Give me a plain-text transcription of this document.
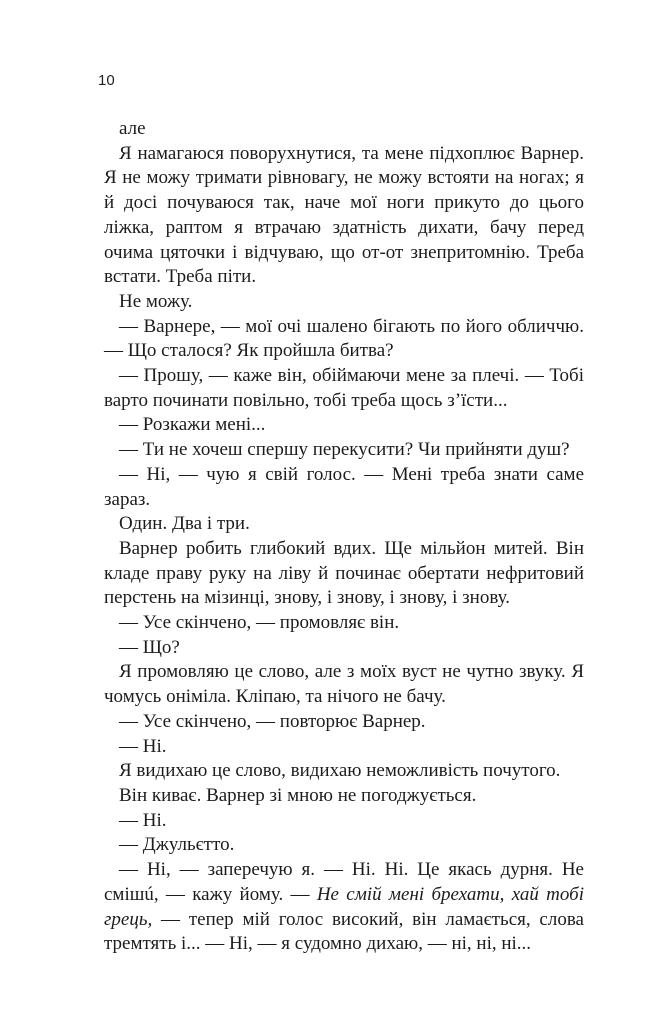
10

але

Я намагаюся поворухнутися, та мене підхоплює Варнер. Я не можу тримати рівновагу, не можу встояти на ногах; я й досі почуваюся так, наче мої ноги прикуто до цього ліжка, раптом я втрачаю здатність дихати, бачу перед очима цяточки і відчуваю, що от-от знепритомнію. Треба встати. Треба піти.

Не можу.

— Варнере, — мої очі шалено бігають по його обличчю. — Що сталося? Як пройшла битва?

— Прошу, — каже він, обіймаючи мене за плечі. — Тобі варто починати повільно, тобі треба щось з’їсти...

— Розкажи мені...

— Ти не хочеш спершу перекусити? Чи прийняти душ?

— Ні, — чую я свій голос. — Мені треба знати саме зараз.

Один. Два і три.

Варнер робить глибокий вдих. Ще мільйон митей. Він кладе праву руку на ліву й починає обертати нефритовий перстень на мізинці, знову, і знову, і знову, і знову.

— Усе скінчено, — промовляє він.

— Що?

Я промовляю це слово, але з моїх вуст не чутно звуку. Я чомусь оніміла. Кліпаю, та нічого не бачу.

— Усе скінчено, — повторює Варнер.

— Ні.

Я видихаю це слово, видихаю неможливість почутого.

Він киває. Варнер зі мною не погоджується.

— Ні.

— Джульєтто.

— Ні, — заперечую я. — Ні. Ні. Це якась дурня. Не смішú, — кажу йому. — Не смій мені брехати, хай тобі грець, — тепер мій голос високий, він ламається, слова тремтять і... — Ні, — я судомно дихаю, — ні, ні, ні...
